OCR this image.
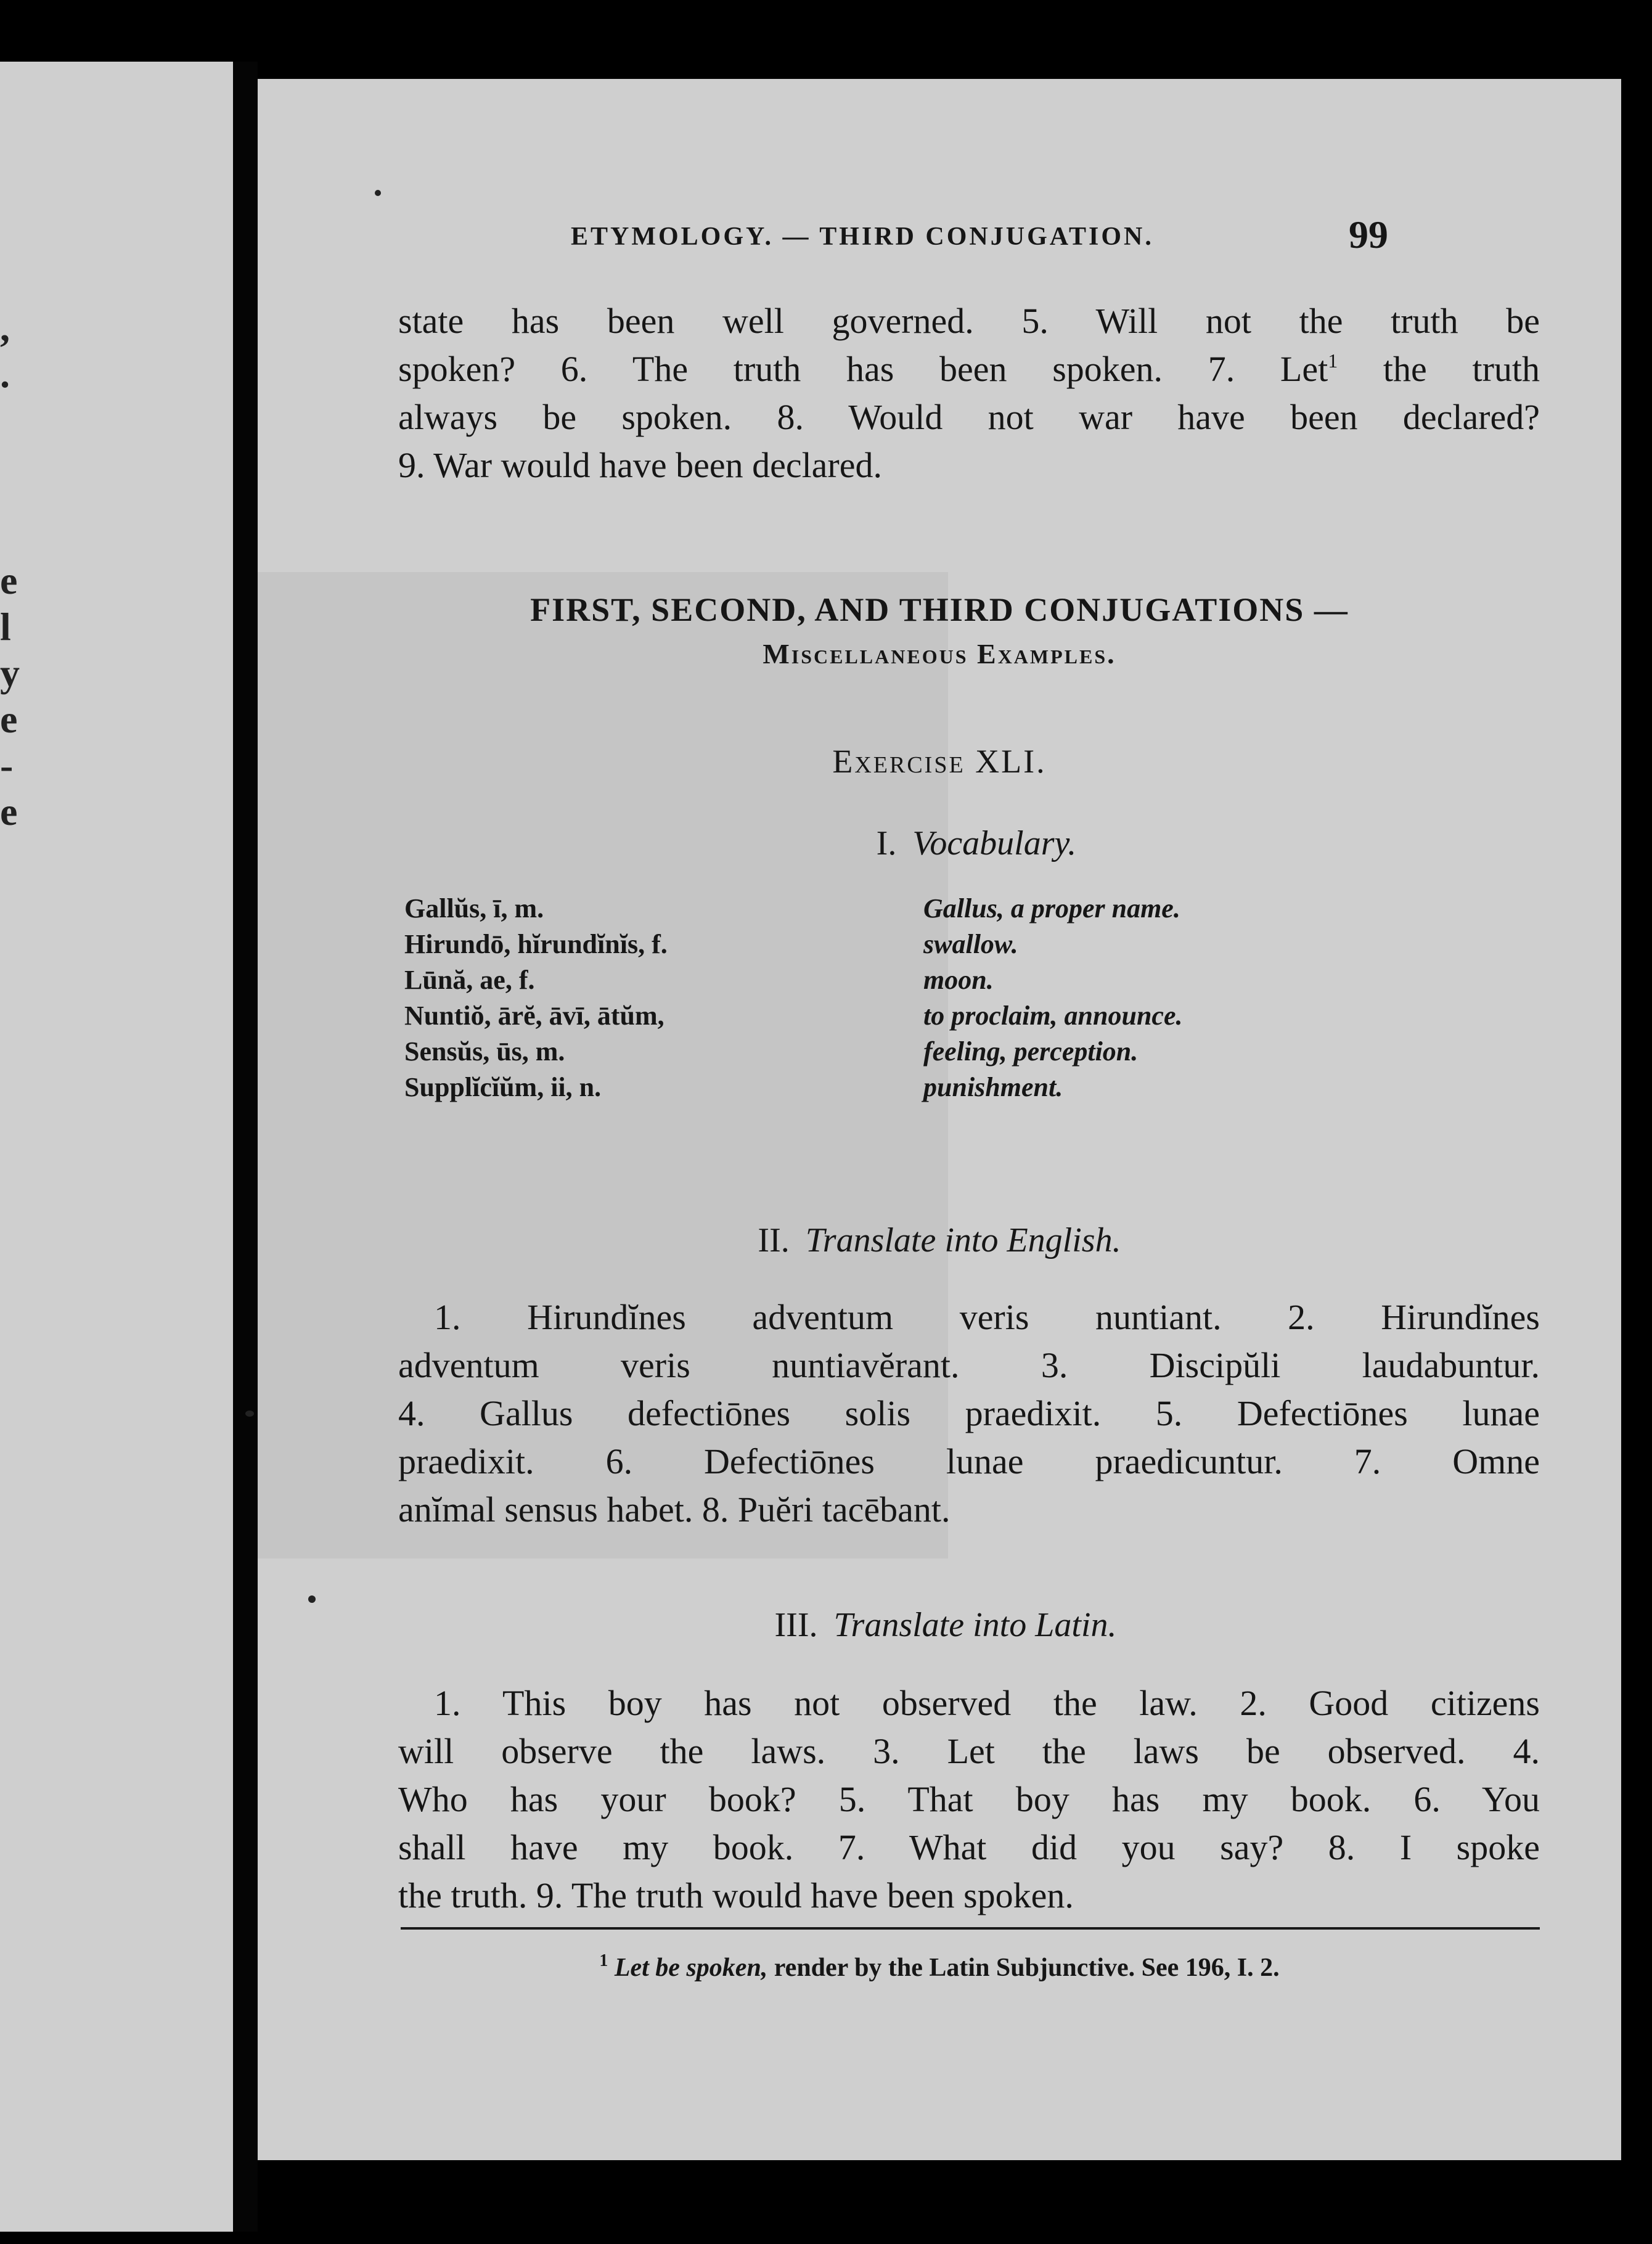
,
.
e
l
y
e
-
e
ETYMOLOGY. — THIRD CONJUGATION.	99
state has been well governed. 5. Will not the truth be
spoken? 6. The truth has been spoken. 7. Let$^1$ the truth
always be spoken. 8. Would not war have been declared?
9. War would have been declared.
FIRST, SECOND, AND THIRD CONJUGATIONS —
Miscellaneous Examples.
Exercise XLI.
I. Vocabulary.
Gallŭs, ī, m.	Gallus, a proper name.
Hirundō, hĭrundĭnĭs, f.	swallow.
Lūnă, ae, f.	moon.
Nuntiŏ, ārĕ, āvī, ātŭm,	to proclaim, announce.
Sensŭs, ūs, m.	feeling, perception.
Supplĭcĭŭm, ii, n.	punishment.
II. Translate into English.
1. Hirundĭnes adventum veris nuntiant. 2. Hirundĭnes
adventum veris nuntiavĕrant. 3. Discipŭli laudabuntur.
4. Gallus defectiōnes solis praedixit. 5. Defectiōnes lunae
praedixit. 6. Defectiōnes lunae praedicuntur. 7. Omne
anĭmal sensus habet. 8. Puĕri tacēbant.
III. Translate into Latin.
1. This boy has not observed the law. 2. Good citizens
will observe the laws. 3. Let the laws be observed. 4.
Who has your book? 5. That boy has my book. 6. You
shall have my book. 7. What did you say? 8. I spoke
the truth. 9. The truth would have been spoken.
$^1$ Let be spoken, render by the Latin Subjunctive. See 196, I. 2.
